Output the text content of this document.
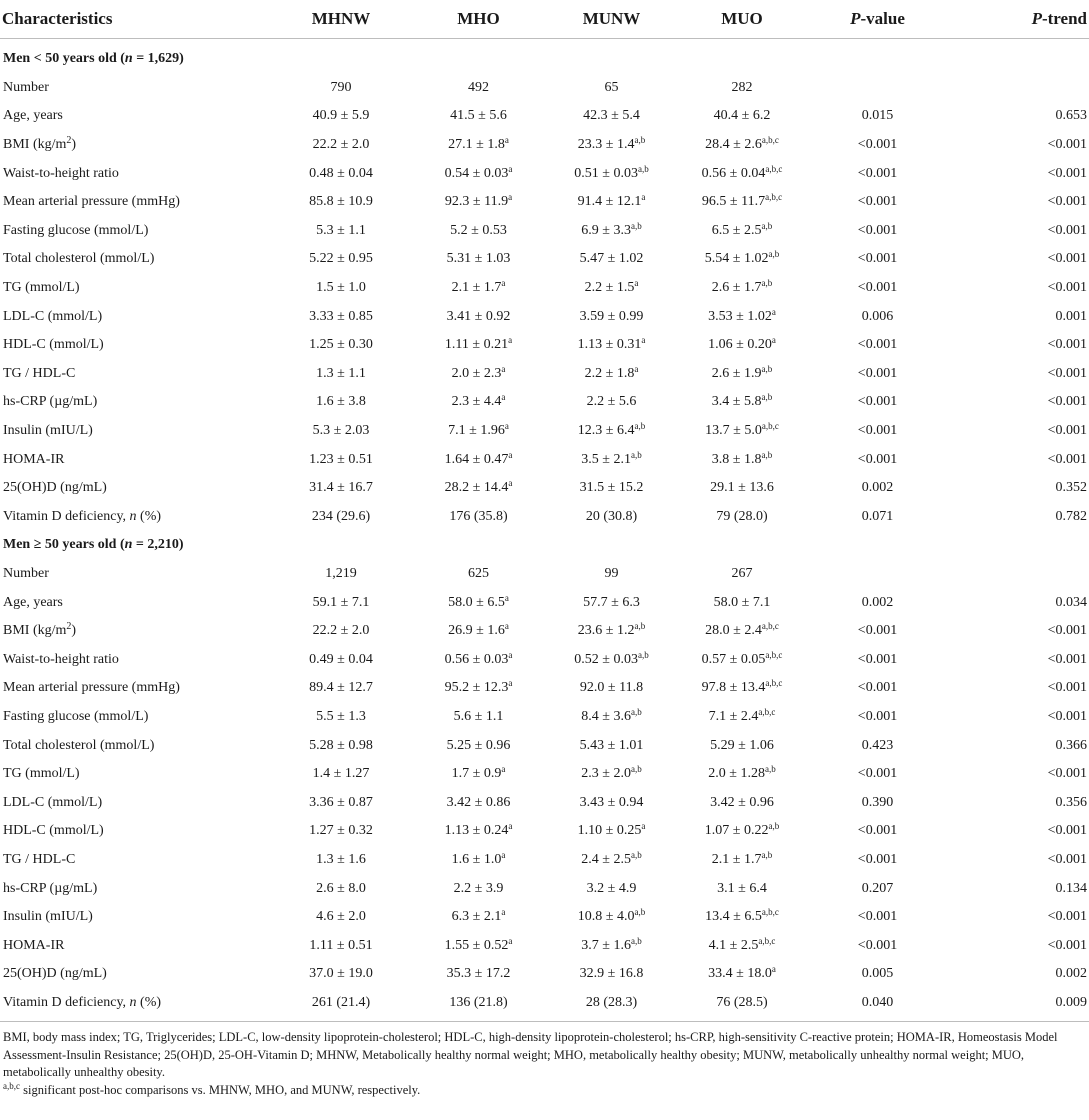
Characteristics	MHNW	MHO	MUNW	MUO	P-value	P-trend

Men < 50 years old (n = 1,629)						
Number	790	492	65	282		
Age, years	40.9 ± 5.9	41.5 ± 5.6	42.3 ± 5.4	40.4 ± 6.2	0.015	0.653
BMI $(kg/m^2)$	22.2 ± 2.0	27.1 ± 1.8$^a$	$23.3 \pm 1.4^{a,b}$	$28.4 \pm 2.6^{a,b,c}$	<0.001	<0.001
Waist-to-height ratio	0.48 ± 0.04	0.54 ± 0.03$^a$	$0.51 \pm 0.03^{a,b}$	$0.56 \pm 0.04^{a,b,c}$	<0.001	<0.001
Mean arterial pressure (mmHg)	85.8 ± 10.9	92.3 ± 11.9$^a$	91.4 ± 12.1$^a$	$96.5 \pm 11.7^{a,b,c}$	<0.001	<0.001
Fasting glucose (mmol/L)	5.3 ± 1.1	5.2 ± 0.53	$6.9 \pm 3.3^{a,b}$	$6.5 \pm 2.5^{a,b}$	<0.001	<0.001
Total cholesterol (mmol/L)	5.22 ± 0.95	5.31 ± 1.03	5.47 ± 1.02	$5.54 \pm 1.02^{a,b}$	<0.001	<0.001
TG (mmol/L)	1.5 ± 1.0	2.1 ± 1.7$^a$	2.2 ± 1.5$^a$	$2.6 \pm 1.7^{a,b}$	<0.001	<0.001
LDL-C (mmol/L)	3.33 ± 0.85	3.41 ± 0.92	3.59 ± 0.99	3.53 ± 1.02$^a$	0.006	0.001
HDL-C (mmol/L)	1.25 ± 0.30	1.11 ± 0.21$^a$	1.13 ± 0.31$^a$	1.06 ± 0.20$^a$	<0.001	<0.001
TG / HDL-C	1.3 ± 1.1	2.0 ± 2.3$^a$	2.2 ± 1.8$^a$	$2.6 \pm 1.9^{a,b}$	<0.001	<0.001
hs-CRP (µg/mL)	1.6 ± 3.8	2.3 ± 4.4$^a$	2.2 ± 5.6	$3.4 \pm 5.8^{a,b}$	<0.001	<0.001
Insulin (mIU/L)	5.3 ± 2.03	7.1 ± 1.96$^a$	$12.3 \pm 6.4^{a,b}$	$13.7 \pm 5.0^{a,b,c}$	<0.001	<0.001
HOMA-IR	1.23 ± 0.51	1.64 ± 0.47$^a$	$3.5 \pm 2.1^{a,b}$	$3.8 \pm 1.8^{a,b}$	<0.001	<0.001
25(OH)D (ng/mL)	31.4 ± 16.7	28.2 ± 14.4$^a$	31.5 ± 15.2	29.1 ± 13.6	0.002	0.352
Vitamin D deficiency, n (%)	234 (29.6)	176 (35.8)	20 (30.8)	79 (28.0)	0.071	0.782
Men ≥ 50 years old (n = 2,210)						
Number	1,219	625	99	267		
Age, years	59.1 ± 7.1	58.0 ± 6.5$^a$	57.7 ± 6.3	58.0 ± 7.1	0.002	0.034
BMI $(kg/m^2)$	22.2 ± 2.0	26.9 ± 1.6$^a$	$23.6 \pm 1.2^{a,b}$	$28.0 \pm 2.4^{a,b,c}$	<0.001	<0.001
Waist-to-height ratio	0.49 ± 0.04	0.56 ± 0.03$^a$	$0.52 \pm 0.03^{a,b}$	$0.57 \pm 0.05^{a,b,c}$	<0.001	<0.001
Mean arterial pressure (mmHg)	89.4 ± 12.7	95.2 ± 12.3$^a$	92.0 ± 11.8	$97.8 \pm 13.4^{a,b,c}$	<0.001	<0.001
Fasting glucose (mmol/L)	5.5 ± 1.3	5.6 ± 1.1	$8.4 \pm 3.6^{a,b}$	$7.1 \pm 2.4^{a,b,c}$	<0.001	<0.001
Total cholesterol (mmol/L)	5.28 ± 0.98	5.25 ± 0.96	5.43 ± 1.01	5.29 ± 1.06	0.423	0.366
TG (mmol/L)	1.4 ± 1.27	1.7 ± 0.9$^a$	$2.3 \pm 2.0^{a,b}$	$2.0 \pm 1.28^{a,b}$	<0.001	<0.001
LDL-C (mmol/L)	3.36 ± 0.87	3.42 ± 0.86	3.43 ± 0.94	3.42 ± 0.96	0.390	0.356
HDL-C (mmol/L)	1.27 ± 0.32	1.13 ± 0.24$^a$	1.10 ± 0.25$^a$	$1.07 \pm 0.22^{a,b}$	<0.001	<0.001
TG / HDL-C	1.3 ± 1.6	1.6 ± 1.0$^a$	$2.4 \pm 2.5^{a,b}$	$2.1 \pm 1.7^{a,b}$	<0.001	<0.001
hs-CRP (µg/mL)	2.6 ± 8.0	2.2 ± 3.9	3.2 ± 4.9	3.1 ± 6.4	0.207	0.134
Insulin (mIU/L)	4.6 ± 2.0	6.3 ± 2.1$^a$	$10.8 \pm 4.0^{a,b}$	$13.4 \pm 6.5^{a,b,c}$	<0.001	<0.001
HOMA-IR	1.11 ± 0.51	1.55 ± 0.52$^a$	$3.7 \pm 1.6^{a,b}$	$4.1 \pm 2.5^{a,b,c}$	<0.001	<0.001
25(OH)D (ng/mL)	37.0 ± 19.0	35.3 ± 17.2	32.9 ± 16.8	33.4 ± 18.0$^a$	0.005	0.002
Vitamin D deficiency, n (%)	261 (21.4)	136 (21.8)	28 (28.3)	76 (28.5)	0.040	0.009

BMI, body mass index; TG, Triglycerides; LDL-C, low-density lipoprotein-cholesterol; HDL-C, high-density lipoprotein-cholesterol; hs-CRP, high-sensitivity C-reactive protein; HOMA-IR, Homeostasis Model Assessment-Insulin Resistance; 25(OH)D, 25-OH-Vitamin D; MHNW, Metabolically healthy normal weight; MHO, metabolically healthy obesity; MUNW, metabolically unhealthy normal weight; MUO, metabolically unhealthy obesity.

$^{a,b,c}$ significant post-hoc comparisons vs. MHNW, MHO, and MUNW, respectively.
